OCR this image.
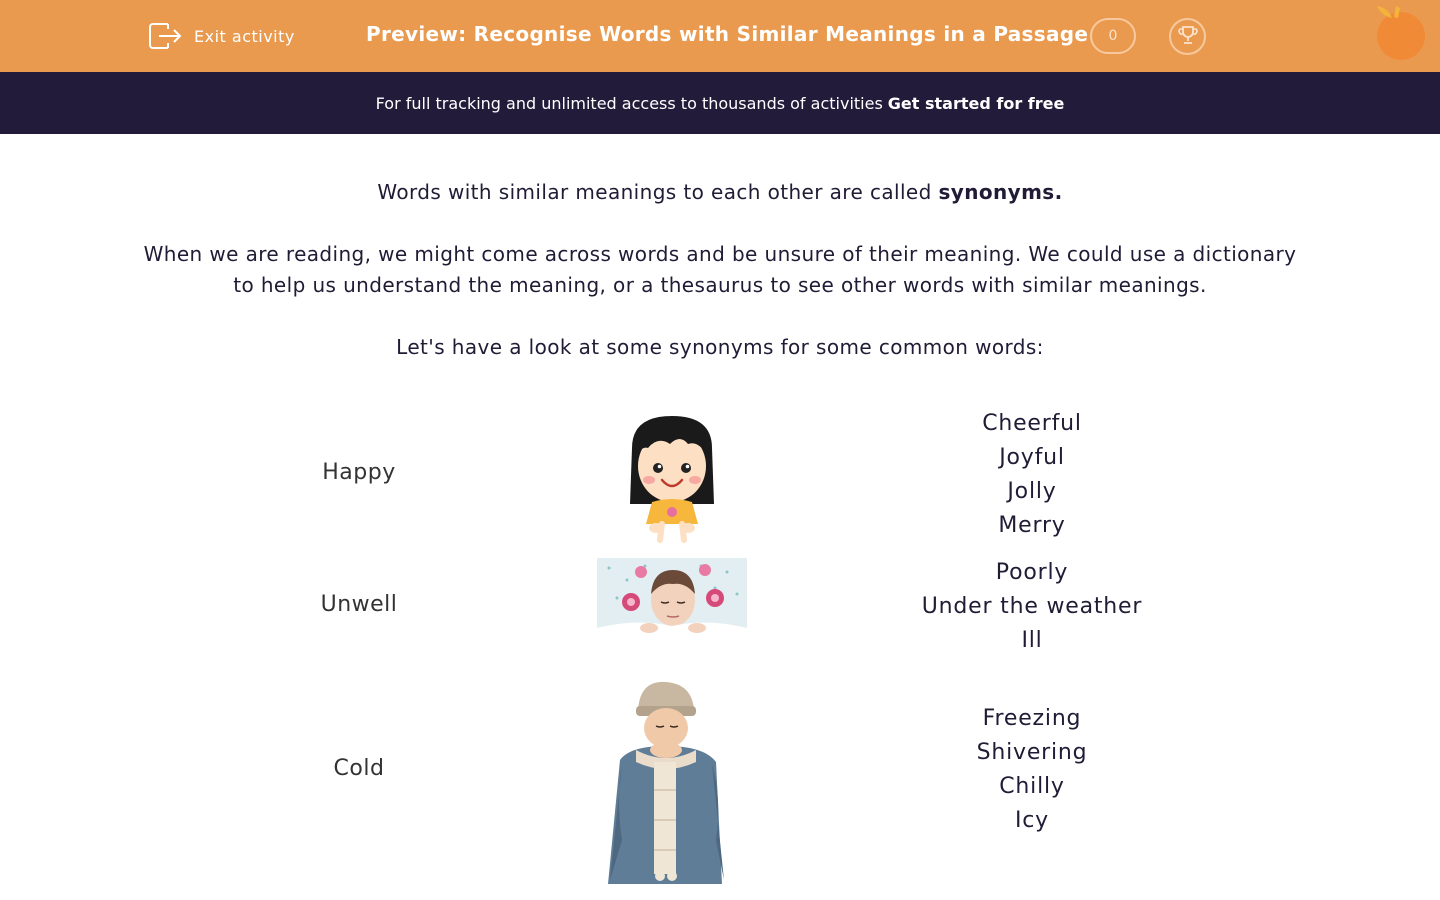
Exit activity	Preview: Recognise Words with Similar Meanings in a Passage	0
For full tracking and unlimited access to thousands of activities Get started for free
Words with similar meanings to each other are called synonyms.
When we are reading, we might come across words and be unsure of their meaning. We could use a dictionary to help us understand the meaning, or a thesaurus to see other words with similar meanings.
Let's have a look at some synonyms for some common words:
Happy
Cheerful
Joyful
Jolly
Merry
Unwell
Poorly
Under the weather
Ill
Cold
Freezing
Shivering
Chilly
Icy
